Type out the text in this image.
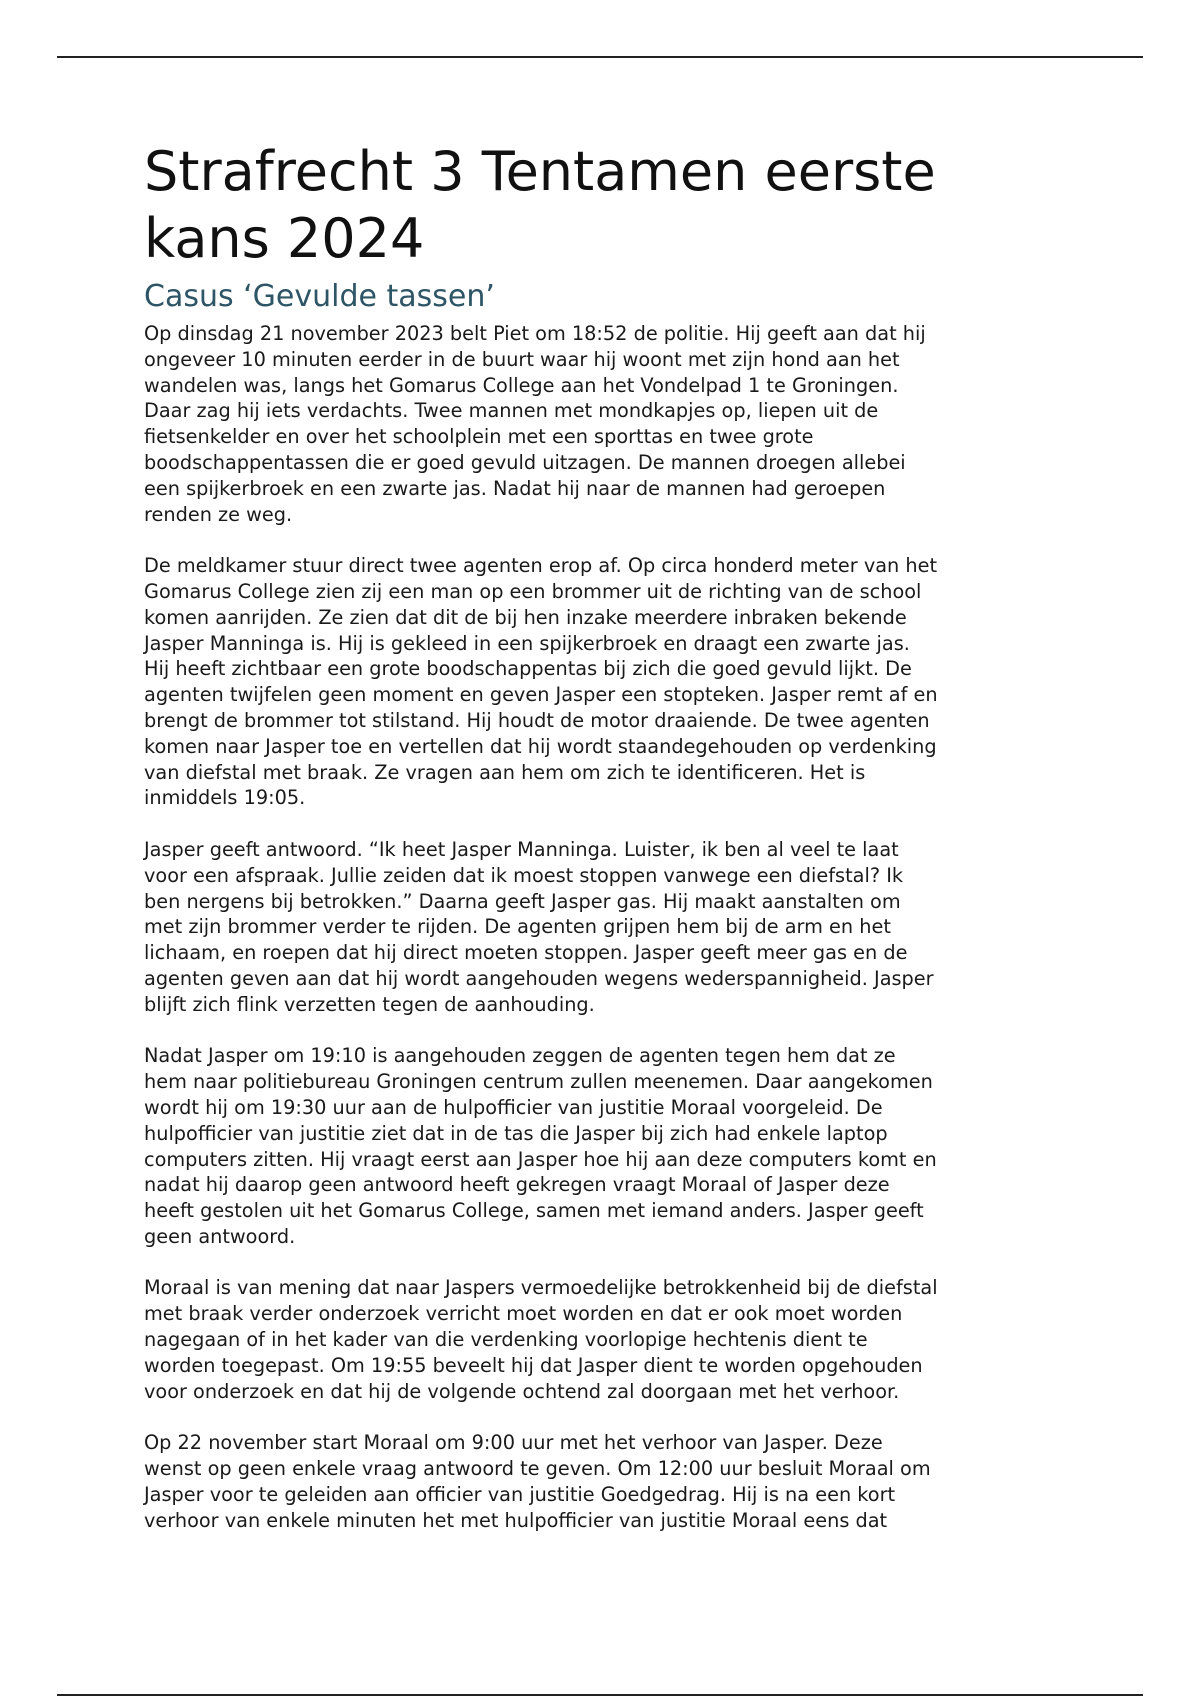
Strafrecht 3 Tentamen eerste kans 2024
Casus ‘Gevulde tassen’

Op dinsdag 21 november 2023 belt Piet om 18:52 de politie. Hij geeft aan dat hij
ongeveer 10 minuten eerder in de buurt waar hij woont met zijn hond aan het
wandelen was, langs het Gomarus College aan het Vondelpad 1 te Groningen.
Daar zag hij iets verdachts. Twee mannen met mondkapjes op, liepen uit de
fietsenkelder en over het schoolplein met een sporttas en twee grote
boodschappentassen die er goed gevuld uitzagen. De mannen droegen allebei
een spijkerbroek en een zwarte jas. Nadat hij naar de mannen had geroepen
renden ze weg.

De meldkamer stuur direct twee agenten erop af. Op circa honderd meter van het
Gomarus College zien zij een man op een brommer uit de richting van de school
komen aanrijden. Ze zien dat dit de bij hen inzake meerdere inbraken bekende
Jasper Manninga is. Hij is gekleed in een spijkerbroek en draagt een zwarte jas.
Hij heeft zichtbaar een grote boodschappentas bij zich die goed gevuld lijkt. De
agenten twijfelen geen moment en geven Jasper een stopteken. Jasper remt af en
brengt de brommer tot stilstand. Hij houdt de motor draaiende. De twee agenten
komen naar Jasper toe en vertellen dat hij wordt staandegehouden op verdenking
van diefstal met braak. Ze vragen aan hem om zich te identificeren. Het is
inmiddels 19:05.

Jasper geeft antwoord. “Ik heet Jasper Manninga. Luister, ik ben al veel te laat
voor een afspraak. Jullie zeiden dat ik moest stoppen vanwege een diefstal? Ik
ben nergens bij betrokken.” Daarna geeft Jasper gas. Hij maakt aanstalten om
met zijn brommer verder te rijden. De agenten grijpen hem bij de arm en het
lichaam, en roepen dat hij direct moeten stoppen. Jasper geeft meer gas en de
agenten geven aan dat hij wordt aangehouden wegens wederspannigheid. Jasper
blijft zich flink verzetten tegen de aanhouding.

Nadat Jasper om 19:10 is aangehouden zeggen de agenten tegen hem dat ze
hem naar politiebureau Groningen centrum zullen meenemen. Daar aangekomen
wordt hij om 19:30 uur aan de hulpofficier van justitie Moraal voorgeleid. De
hulpofficier van justitie ziet dat in de tas die Jasper bij zich had enkele laptop
computers zitten. Hij vraagt eerst aan Jasper hoe hij aan deze computers komt en
nadat hij daarop geen antwoord heeft gekregen vraagt Moraal of Jasper deze
heeft gestolen uit het Gomarus College, samen met iemand anders. Jasper geeft
geen antwoord.

Moraal is van mening dat naar Jaspers vermoedelijke betrokkenheid bij de diefstal
met braak verder onderzoek verricht moet worden en dat er ook moet worden
nagegaan of in het kader van die verdenking voorlopige hechtenis dient te
worden toegepast. Om 19:55 beveelt hij dat Jasper dient te worden opgehouden
voor onderzoek en dat hij de volgende ochtend zal doorgaan met het verhoor.

Op 22 november start Moraal om 9:00 uur met het verhoor van Jasper. Deze
wenst op geen enkele vraag antwoord te geven. Om 12:00 uur besluit Moraal om
Jasper voor te geleiden aan officier van justitie Goedgedrag. Hij is na een kort
verhoor van enkele minuten het met hulpofficier van justitie Moraal eens dat
